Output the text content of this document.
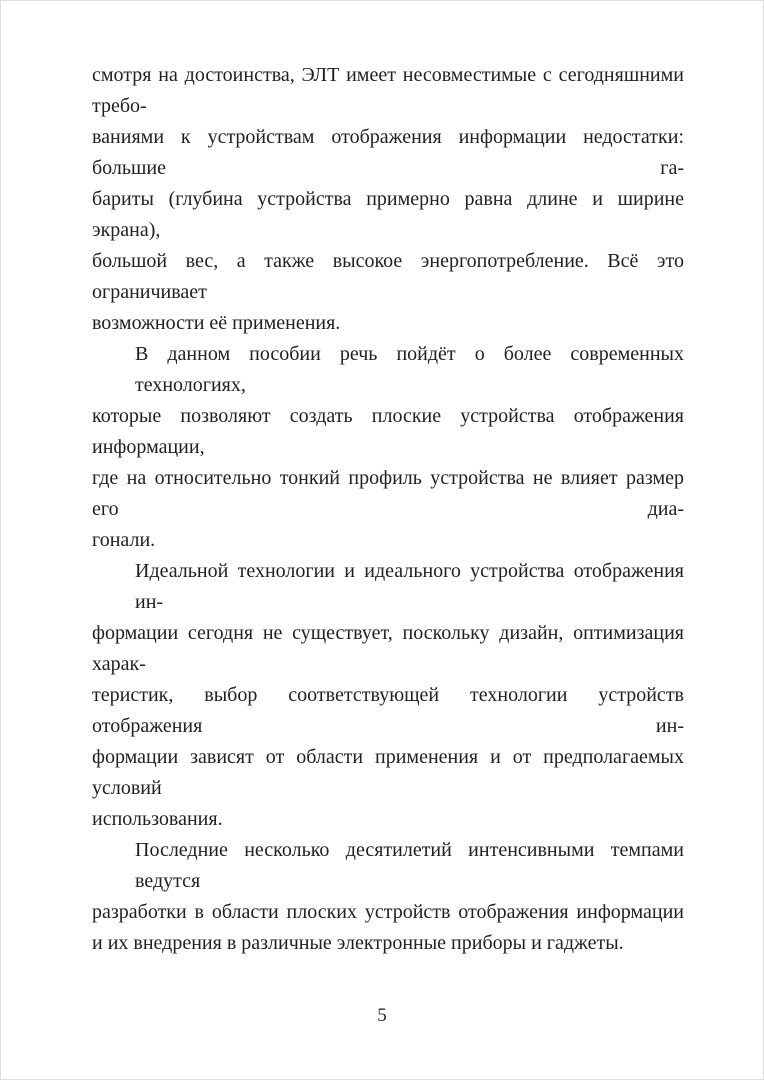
смотря на достоинства, ЭЛТ имеет несовместимые с сегодняшними требо-
ваниями к устройствам отображения информации недостатки: большие га-
бариты (глубина устройства примерно равна длине и ширине экрана),
большой вес, а также высокое энергопотребление. Всё это ограничивает
возможности её применения.
В данном пособии речь пойдёт о более современных технологиях,
которые позволяют создать плоские устройства отображения информации,
где на относительно тонкий профиль устройства не влияет размер его диа-
гонали.
Идеальной технологии и идеального устройства отображения ин-
формации сегодня не существует, поскольку дизайн, оптимизация харак-
теристик, выбор соответствующей технологии устройств отображения ин-
формации зависят от области применения и от предполагаемых условий
использования.
Последние несколько десятилетий интенсивными темпами ведутся
разработки в области плоских устройств отображения информации
и их внедрения в различные электронные приборы и гаджеты.
5
